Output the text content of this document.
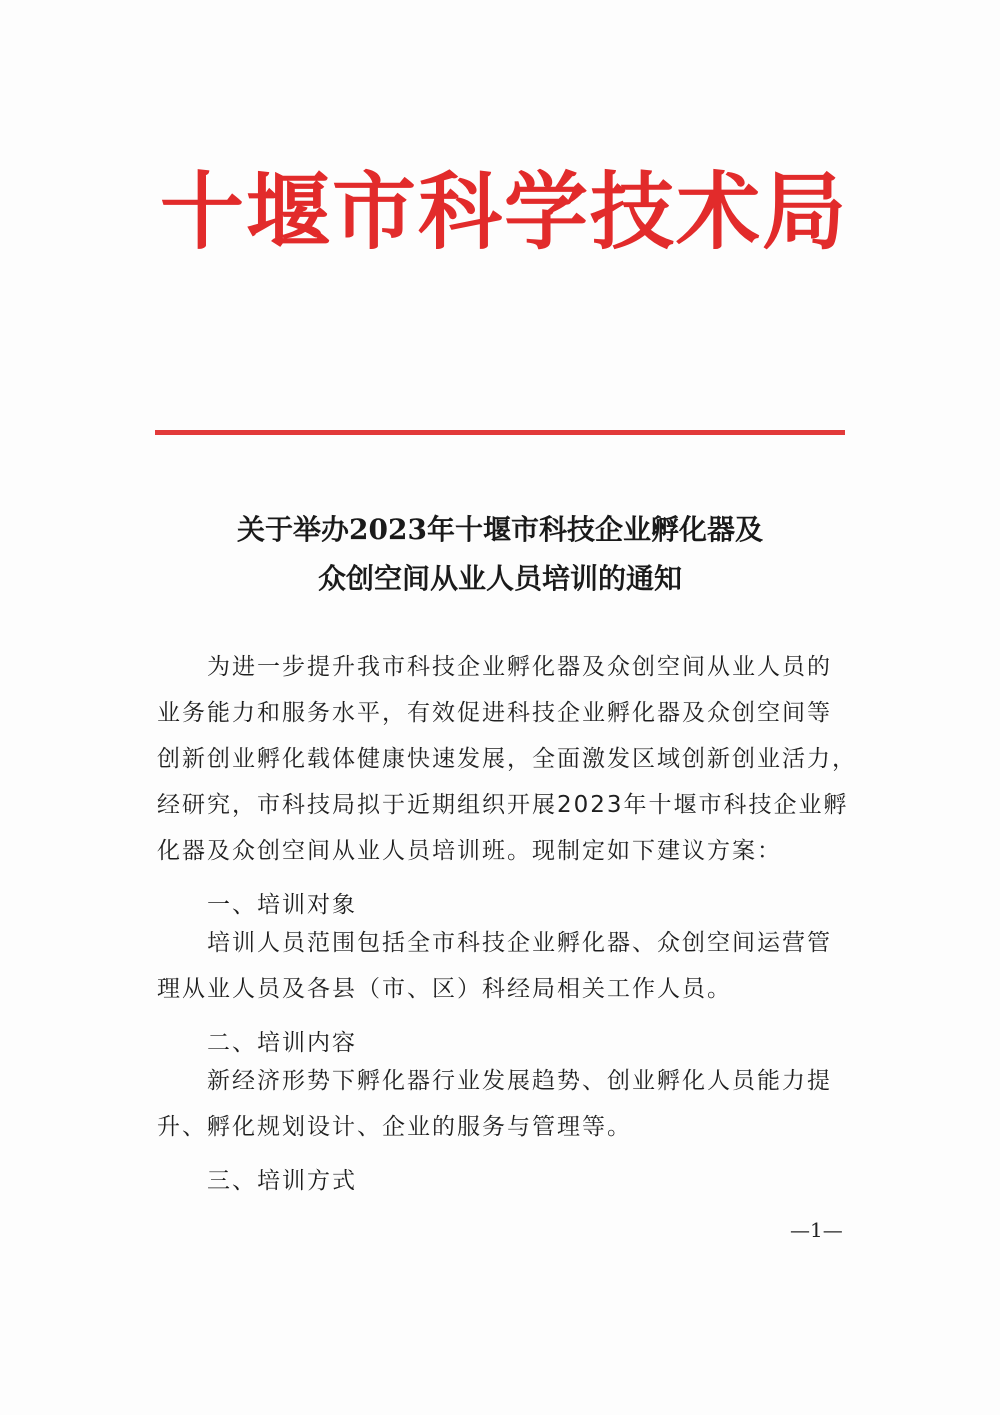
十堰市科学技术局
关于举办2023年十堰市科技企业孵化器及
众创空间从业人员培训的通知
为进一步提升我市科技企业孵化器及众创空间从业人员的
业务能力和服务水平，有效促进科技企业孵化器及众创空间等
创新创业孵化载体健康快速发展，全面激发区域创新创业活力，
经研究，市科技局拟于近期组织开展2023年十堰市科技企业孵
化器及众创空间从业人员培训班。现制定如下建议方案：
一、培训对象
培训人员范围包括全市科技企业孵化器、众创空间运营管
理从业人员及各县（市、区）科经局相关工作人员。
二、培训内容
新经济形势下孵化器行业发展趋势、创业孵化人员能力提
升、孵化规划设计、企业的服务与管理等。
三、培训方式
—1—
